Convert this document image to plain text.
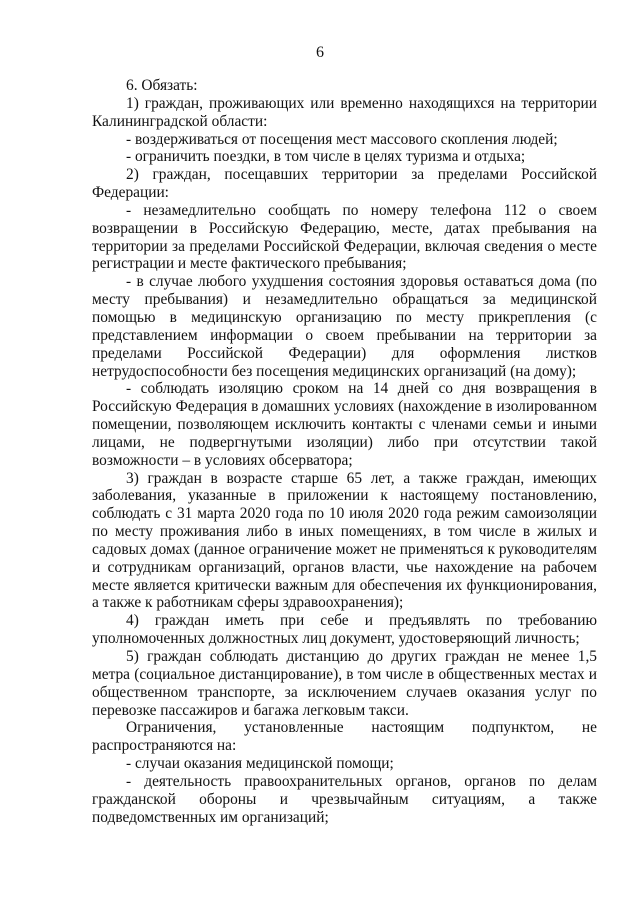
6

6. Обязать:

1) граждан, проживающих или временно находящихся на территории Калининградской области:

- воздерживаться от посещения мест массового скопления людей;

- ограничить поездки, в том числе в целях туризма и отдыха;

2) граждан, посещавших территории за пределами Российской Федерации:

- незамедлительно сообщать по номеру телефона 112 о своем возвращении в Российскую Федерацию, месте, датах пребывания на территории за пределами Российской Федерации, включая сведения о месте регистрации и месте фактического пребывания;

- в случае любого ухудшения состояния здоровья оставаться дома (по месту пребывания) и незамедлительно обращаться за медицинской помощью в медицинскую организацию по месту прикрепления (с представлением информации о своем пребывании на территории за пределами Российской Федерации) для оформления листков нетрудоспособности без посещения медицинских организаций (на дому);

- соблюдать изоляцию сроком на 14 дней со дня возвращения в Российскую Федерация в домашних условиях (нахождение в изолированном помещении, позволяющем исключить контакты с членами семьи и иными лицами, не подвергнутыми изоляции) либо при отсутствии такой возможности – в условиях обсерватора;

3) граждан в возрасте старше 65 лет, а также граждан, имеющих заболевания, указанные в приложении к настоящему постановлению, соблюдать с 31 марта 2020 года по 10 июля 2020 года режим самоизоляции по месту проживания либо в иных помещениях, в том числе в жилых и садовых домах (данное ограничение может не применяться к руководителям и сотрудникам организаций, органов власти, чье нахождение на рабочем месте является критически важным для обеспечения их функционирования, а также к работникам сферы здравоохранения);

4) граждан иметь при себе и предъявлять по требованию уполномоченных должностных лиц документ, удостоверяющий личность;

5) граждан соблюдать дистанцию до других граждан не менее 1,5 метра (социальное дистанцирование), в том числе в общественных местах и общественном транспорте, за исключением случаев оказания услуг по перевозке пассажиров и багажа легковым такси.

Ограничения, установленные настоящим подпунктом, не распространяются на:

- случаи оказания медицинской помощи;

- деятельность правоохранительных органов, органов по делам гражданской обороны и чрезвычайным ситуациям, а также подведомственных им организаций;
